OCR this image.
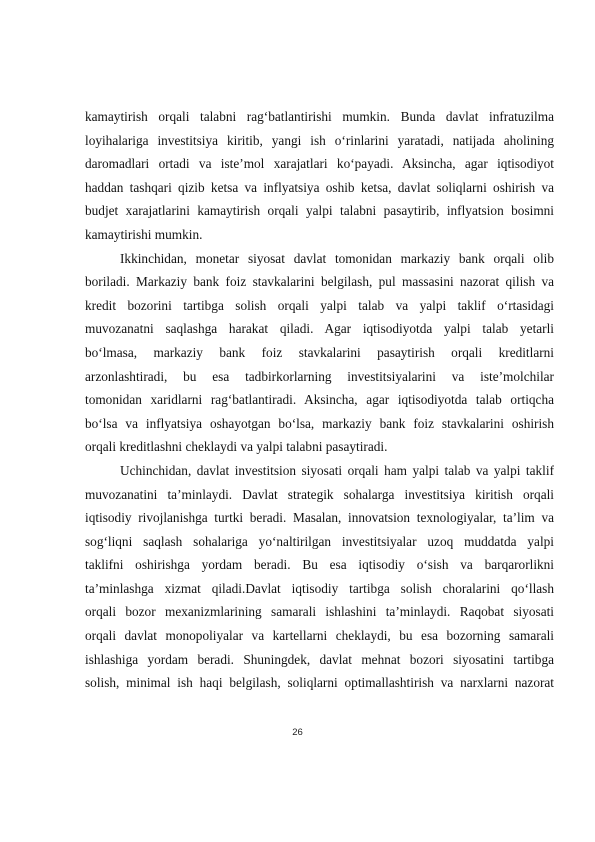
kamaytirish orqali talabni rag‘batlantirishi mumkin. Bunda davlat infratuzilma
loyihalariga investitsiya kiritib, yangi ish o‘rinlarini yaratadi, natijada aholining
daromadlari ortadi va iste’mol xarajatlari ko‘payadi. Aksincha, agar iqtisodiyot
haddan tashqari qizib ketsa va inflyatsiya oshib ketsa, davlat soliqlarni oshirish va
budjet xarajatlarini kamaytirish orqali yalpi talabni pasaytirib, inflyatsion bosimni
kamaytirishi mumkin.
Ikkinchidan, monetar siyosat davlat tomonidan markaziy bank orqali olib
boriladi. Markaziy bank foiz stavkalarini belgilash, pul massasini nazorat qilish va
kredit bozorini tartibga solish orqali yalpi talab va yalpi taklif o‘rtasidagi
muvozanatni saqlashga harakat qiladi. Agar iqtisodiyotda yalpi talab yetarli
bo‘lmasa, markaziy bank foiz stavkalarini pasaytirish orqali kreditlarni
arzonlashtiradi, bu esa tadbirkorlarning investitsiyalarini va iste’molchilar
tomonidan xaridlarni rag‘batlantiradi. Aksincha, agar iqtisodiyotda talab ortiqcha
bo‘lsa va inflyatsiya oshayotgan bo‘lsa, markaziy bank foiz stavkalarini oshirish
orqali kreditlashni cheklaydi va yalpi talabni pasaytiradi.
Uchinchidan, davlat investitsion siyosati orqali ham yalpi talab va yalpi taklif
muvozanatini ta’minlaydi. Davlat strategik sohalarga investitsiya kiritish orqali
iqtisodiy rivojlanishga turtki beradi. Masalan, innovatsion texnologiyalar, ta’lim va
sog‘liqni saqlash sohalariga yo‘naltirilgan investitsiyalar uzoq muddatda yalpi
taklifni oshirishga yordam beradi. Bu esa iqtisodiy o‘sish va barqarorlikni
ta’minlashga xizmat qiladi.Davlat iqtisodiy tartibga solish choralarini qo‘llash
orqali bozor mexanizmlarining samarali ishlashini ta’minlaydi. Raqobat siyosati
orqali davlat monopoliyalar va kartellarni cheklaydi, bu esa bozorning samarali
ishlashiga yordam beradi. Shuningdek, davlat mehnat bozori siyosatini tartibga
solish, minimal ish haqi belgilash, soliqlarni optimallashtirish va narxlarni nazorat
26
